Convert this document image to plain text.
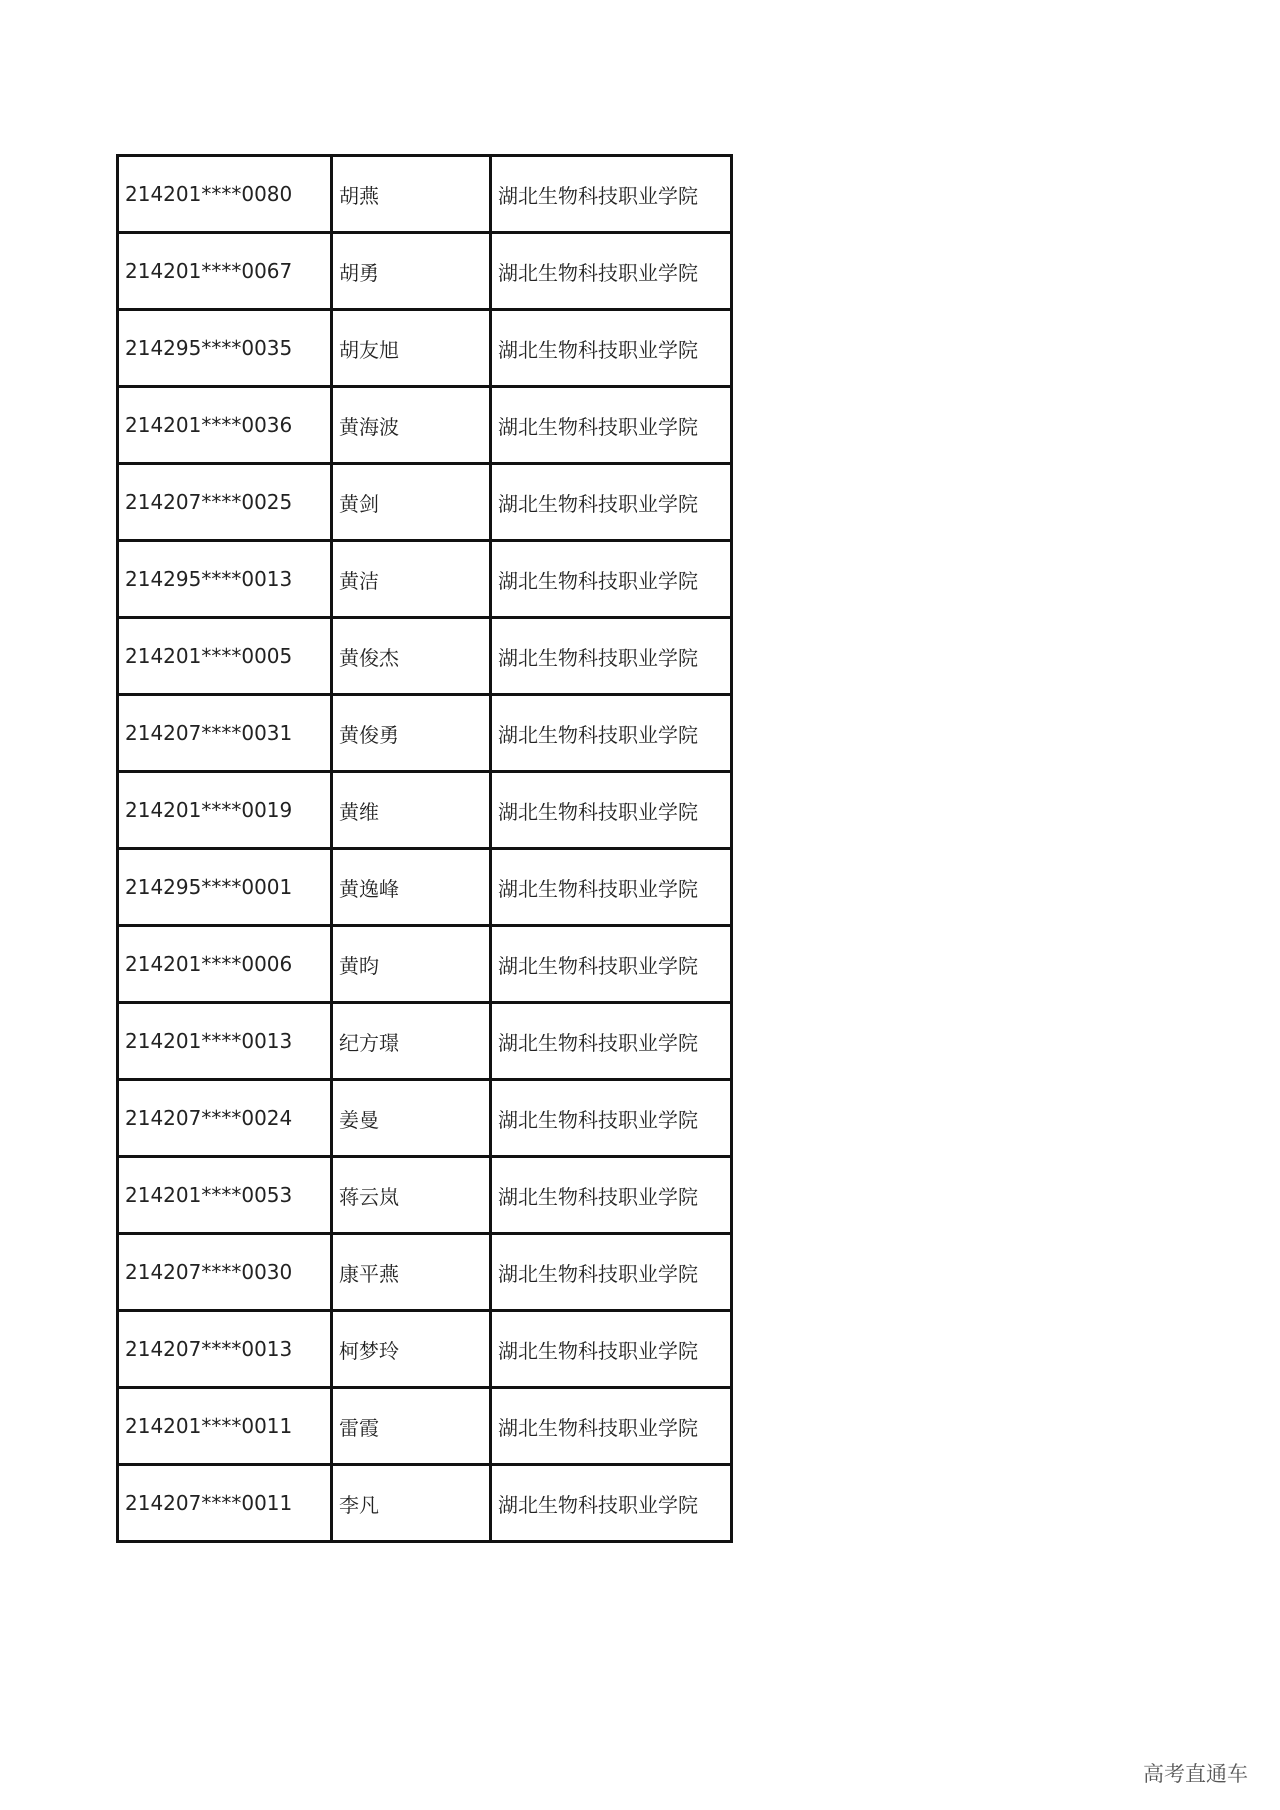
214201****0080	胡燕	湖北生物科技职业学院
214201****0067	胡勇	湖北生物科技职业学院
214295****0035	胡友旭	湖北生物科技职业学院
214201****0036	黄海波	湖北生物科技职业学院
214207****0025	黄剑	湖北生物科技职业学院
214295****0013	黄洁	湖北生物科技职业学院
214201****0005	黄俊杰	湖北生物科技职业学院
214207****0031	黄俊勇	湖北生物科技职业学院
214201****0019	黄维	湖北生物科技职业学院
214295****0001	黄逸峰	湖北生物科技职业学院
214201****0006	黄昀	湖北生物科技职业学院
214201****0013	纪方璟	湖北生物科技职业学院
214207****0024	姜曼	湖北生物科技职业学院
214201****0053	蒋云岚	湖北生物科技职业学院
214207****0030	康平燕	湖北生物科技职业学院
214207****0013	柯梦玲	湖北生物科技职业学院
214201****0011	雷霞	湖北生物科技职业学院
214207****0011	李凡	湖北生物科技职业学院
高考直通车
